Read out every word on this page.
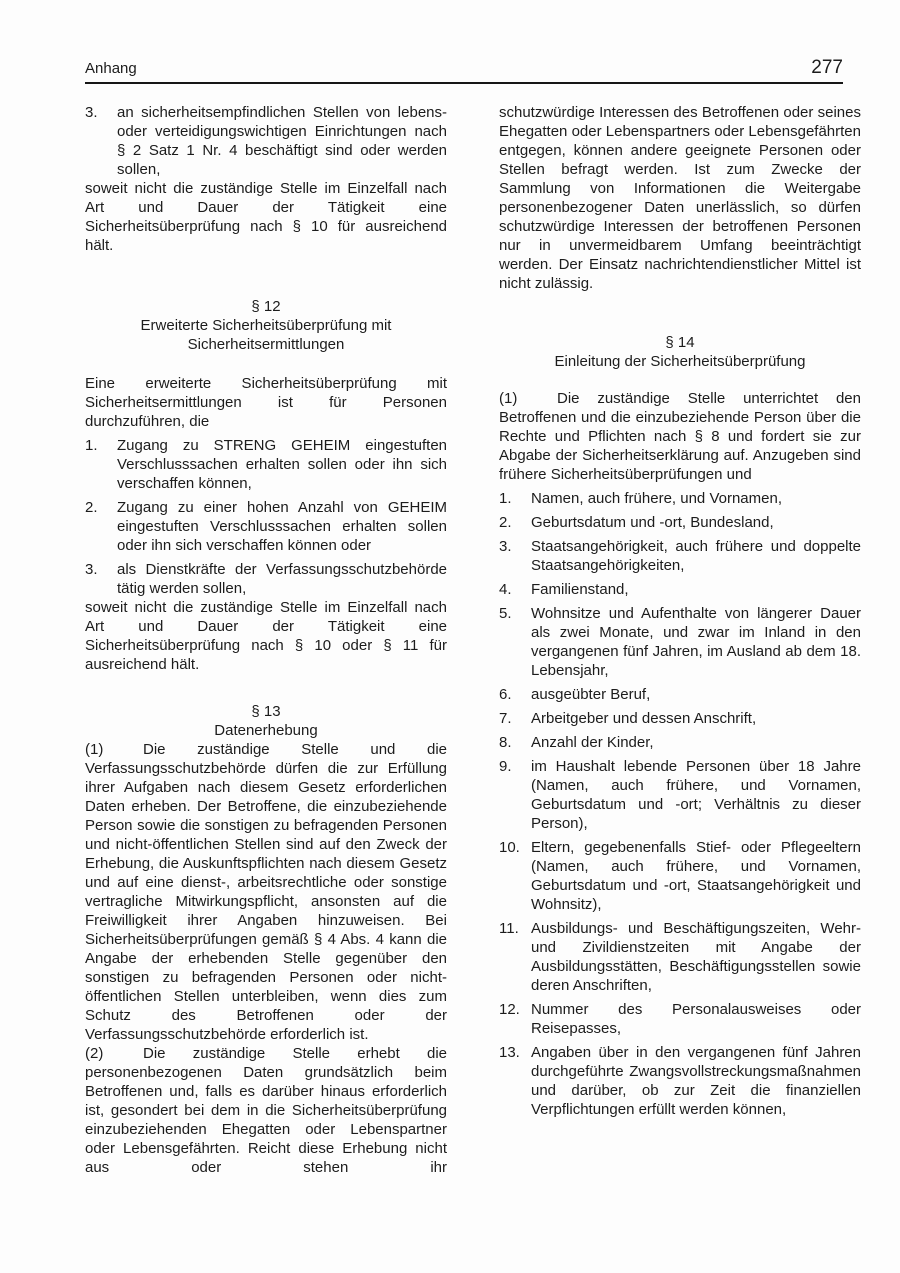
Anhang	277
3.	an sicherheitsempfindlichen Stellen von lebens- oder verteidigungswichtigen Einrichtungen nach § 2 Satz 1 Nr. 4 beschäftigt sind oder werden sollen,

soweit nicht die zuständige Stelle im Einzelfall nach Art und Dauer der Tätigkeit eine Sicherheitsüberprüfung nach § 10 für ausreichend hält.

§ 12
Erweiterte Sicherheitsüberprüfung mit Sicherheitsermittlungen

Eine erweiterte Sicherheitsüberprüfung mit Sicherheitsermittlungen ist für Personen durchzuführen, die

1.	Zugang zu STRENG GEHEIM eingestuften Verschlusssachen erhalten sollen oder ihn sich verschaffen können,
2.	Zugang zu einer hohen Anzahl von GEHEIM eingestuften Verschlusssachen erhalten sollen oder ihn sich verschaffen können oder
3.	als Dienstkräfte der Verfassungsschutzbehörde tätig werden sollen,

soweit nicht die zuständige Stelle im Einzelfall nach Art und Dauer der Tätigkeit eine Sicherheitsüberprüfung nach § 10 oder § 11 für ausreichend hält.

§ 13
Datenerhebung

(1)	Die zuständige Stelle und die Verfassungsschutzbehörde dürfen die zur Erfüllung ihrer Aufgaben nach diesem Gesetz erforderlichen Daten erheben. Der Betroffene, die einzubeziehende Person sowie die sonstigen zu befragenden Personen und nicht-öffentlichen Stellen sind auf den Zweck der Erhebung, die Auskunftspflichten nach diesem Gesetz und auf eine dienst-, arbeitsrechtliche oder sonstige vertragliche Mitwirkungspflicht, ansonsten auf die Freiwilligkeit ihrer Angaben hinzuweisen. Bei Sicherheitsüberprüfungen gemäß § 4 Abs. 4 kann die Angabe der erhebenden Stelle gegenüber den sonstigen zu befragenden Personen oder nicht-öffentlichen Stellen unterbleiben, wenn dies zum Schutz des Betroffenen oder der Verfassungsschutzbehörde erforderlich ist.

(2)	Die zuständige Stelle erhebt die personenbezogenen Daten grundsätzlich beim Betroffenen und, falls es darüber hinaus erforderlich ist, gesondert bei dem in die Sicherheitsüberprüfung einzubeziehenden Ehegatten oder Lebenspartner oder Lebensgefährten. Reicht diese Erhebung nicht aus oder stehen ihr

schutzwürdige Interessen des Betroffenen oder seines Ehegatten oder Lebenspartners oder Lebensgefährten entgegen, können andere geeignete Personen oder Stellen befragt werden. Ist zum Zwecke der Sammlung von Informationen die Weitergabe personenbezogener Daten unerlässlich, so dürfen schutzwürdige Interessen der betroffenen Personen nur in unvermeidbarem Umfang beeinträchtigt werden. Der Einsatz nachrichtendienstlicher Mittel ist nicht zulässig.

§ 14
Einleitung der Sicherheitsüberprüfung

(1)	Die zuständige Stelle unterrichtet den Betroffenen und die einzubeziehende Person über die Rechte und Pflichten nach § 8 und fordert sie zur Abgabe der Sicherheitserklärung auf. Anzugeben sind frühere Sicherheitsüberprüfungen und

1.	Namen, auch frühere, und Vornamen,
2.	Geburtsdatum und -ort, Bundesland,
3.	Staatsangehörigkeit, auch frühere und doppelte Staatsangehörigkeiten,
4.	Familienstand,
5.	Wohnsitze und Aufenthalte von längerer Dauer als zwei Monate, und zwar im Inland in den vergangenen fünf Jahren, im Ausland ab dem 18. Lebensjahr,
6.	ausgeübter Beruf,
7.	Arbeitgeber und dessen Anschrift,
8.	Anzahl der Kinder,
9.	im Haushalt lebende Personen über 18 Jahre (Namen, auch frühere, und Vornamen, Geburtsdatum und -ort; Verhältnis zu dieser Person),
10. Eltern, gegebenenfalls Stief- oder Pflegeeltern (Namen, auch frühere, und Vornamen, Geburtsdatum und -ort, Staatsangehörigkeit und Wohnsitz),
11. Ausbildungs- und Beschäftigungszeiten, Wehr- und Zivildienstzeiten mit Angabe der Ausbildungsstätten, Beschäftigungsstellen sowie deren Anschriften,
12. Nummer des Personalausweises oder Reisepasses,
13. Angaben über in den vergangenen fünf Jahren durchgeführte Zwangsvollstreckungsmaßnahmen und darüber, ob zur Zeit die finanziellen Verpflichtungen erfüllt werden können,
